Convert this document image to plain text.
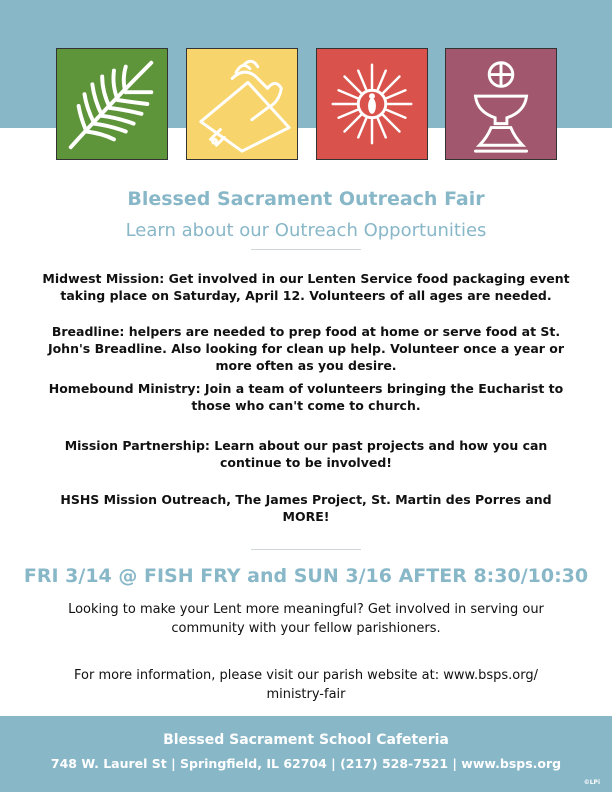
Blessed Sacrament Outreach Fair
Learn about our Outreach Opportunities

Midwest Mission: Get involved in our Lenten Service food packaging event taking place on Saturday, April 12. Volunteers of all ages are needed.

Breadline: helpers are needed to prep food at home or serve food at St. John's Breadline. Also looking for clean up help. Volunteer once a year or more often as you desire.

Homebound Ministry: Join a team of volunteers bringing the Eucharist to those who can't come to church.

Mission Partnership: Learn about our past projects and how you can continue to be involved!

HSHS Mission Outreach, The James Project, St. Martin des Porres and MORE!

FRI 3/14 @ FISH FRY and SUN 3/16 AFTER 8:30/10:30

Looking to make your Lent more meaningful? Get involved in serving our community with your fellow parishioners.

For more information, please visit our parish website at: www.bsps.org/ ministry-fair

Blessed Sacrament School Cafeteria
748 W. Laurel St | Springfield, IL 62704 | (217) 528-7521 | www.bsps.org
©LPi
